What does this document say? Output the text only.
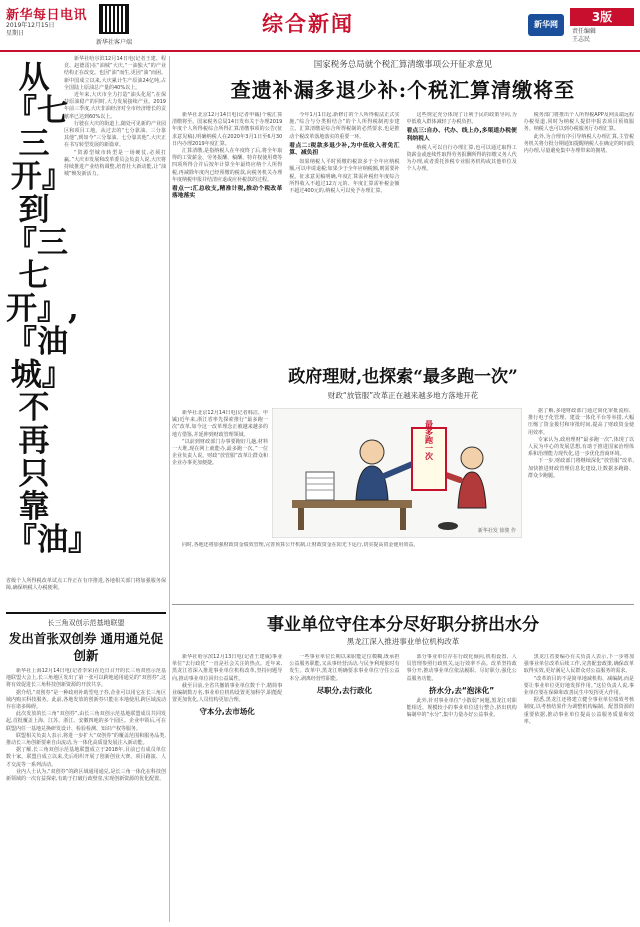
新华每日电讯
2019年12月15日
星期日
新华社客户端
综合新闻	新华网
3版
责任编辑
王志民
从『七三开』到『三七开』,『油城』不再只靠『油』

新华社哈尔滨12月14日电(记者王建、程竞、赵德雷)在“油城”大庆,“一油独大”的产业结构正在改变。也因“油”而生,更因“油”而困。新中国成立以来,大庆累计生产原油24亿吨,占全国陆上原油总产量的40%以上。

近年来,大庆市全力打造“油头化尾”,在保持原油稳产的同时,大力发展接续产业。2019年前三季度,大庆非油经济对全市经济增长的贡献率已达到60%以上。

行驶在大庆的街道上,随处可见新的产业园区和项目工地。从过去的“七分靠油、三分靠其他”,到如今“三分靠油、七分靠其他”,大庆正在书写转型发展的新篇章。

“资源型城市转型是一场硬仗,必须打赢。”大庆市发展和改革委员会负责人说,大庆将持续推进产业结构调整,培育壮大新动能,让“油城”焕发新活力。

省级个人所得税改革试点工作正在有序推进,各地相关部门将加强服务保障,确保纳税人办税便利。

长三角双创示范基地联盟
发出首张双创券 通用通兑促创新

新华社上海12月14日电(记者李荣)在近日召开的长三角双创示范基地联盟大会上,长三角地区发出了第一张可以跨地通用通兑的“双创券”,这将有效促进长三角科技创新资源的开放共享。

据介绍,“双创券”是一种政府补助型电子券,企业可以用它在长三角区域内购买科技服务。此前,各地发放的创新券只能在本地使用,跨区域流动存在诸多障碍。

此次发放的长三角“双创券”,由长三角双创示范基地联盟成员共同发起,首批覆盖上海、江苏、浙江、安徽四地的多个园区。企业申领后,可在联盟内任一基地兑换研发设计、检验检测、知识产权等服务。

联盟相关负责人表示,将进一步扩大“双创券”的覆盖范围和服务品类,推动长三角创新要素自由流动,为一体化高质量发展注入新动能。

据了解,长三角双创示范基地联盟成立于2018年,目前已有成员单位数十家。联盟自成立以来,先后组织开展了创新创业大赛、项目路演、人才交流等一系列活动。

业内人士认为,“双创券”的跨区域通用通兑,是长三角一体化在科技创新领域的一次有益探索,有助于打破行政壁垒,实现创新资源的优化配置。

国家税务总局就个税汇算清缴事项公开征求意见
查遗补漏多退少补:个税汇算清缴将至

新华社北京12月14日电(记者申铖)个税汇算清缴将至。国家税务总局14日发布关于办理2019年度个人所得税综合所得汇算清缴事项的公告(征求意见稿),明确纳税人在2020年3月1日至6月30日内办理2019年度汇算。

汇算清缴,是指纳税人在年度终了后,将全年取得的工资薪金、劳务报酬、稿酬、特许权使用费等四项所得合并后按年计算全年最终应纳个人所得税,再减除年度内已经预缴的税款,向税务机关办理年度纳税申报并结清应退或应补税款的过程。

看点一:汇总收支,精准计税,推动个税改革落地落实

今年1月1日起,新修订的个人所得税法正式实施,“综合与分类相结合”的个人所得税制初步建立。汇算清缴是综合所得税制的必然要求,也是推动个税改革落地落实的重要一环。

看点二:税款多退少补,为中低收入者免汇算、减负担

如果纳税人平时预缴的税款多于全年应纳税额,可以申请退税;如果少于全年应纳税额,则需要补税。征求意见稿明确,年度汇算需补税但年度综合所得收入不超过12万元的、年度汇算需补税金额不超过400元的,纳税人可以免予办理汇算。

这些规定充分体现了让利于民的政策导向,为中低收入群体减轻了办税负担。

看点三:自办、代办、线上办,多渠道办税便利纳税人

纳税人可以自行办理汇算,也可以通过取得工资薪金或连续性取得劳务报酬所得的扣缴义务人代为办理,或者委托涉税专业服务机构或其他单位及个人办理。

税务部门将推出个人所得税APP及网页端远程办税渠道,同时为纳税人提供申报表项目预填服务。纳税人也可以到办税服务厅办理汇算。

此外,为合理有序引导纳税人办理汇算,主管税务机关将分批分期通知提醒纳税人在确定的时间段内办理,尽量避免集中办理带来的拥堵。

政府理财,也探索“最多跑一次”
财政“放管服”改革正在越来越多地方落地开花

新华社北京12月14日电(记者韩洁、申铖)近年来,浙江省率先探索推行“最多跑一次”改革,如今这一改革理念正被越来越多的地方借鉴,并延伸到财政管理领域。

“以前到财政部门办事要跑好几趟,材料一大堆,现在网上就能办,最多跑一次。”一位企业负责人说。财政“放管服”改革让群众和企业办事更加便捷。

最多跑一次
新华社发 徐骏 作

据了解,多地财政部门通过简化审批流程、推行电子化管理、建设一体化平台等举措,大幅压缩了资金拨付和审批时间,提高了财政资金使用效率。

专家认为,政府理财“最多跑一次”,体现了以人民为中心的发展思想,有助于推进国家治理体系和治理能力现代化,进一步优化营商环境。

下一步,财政部门将继续深化“放管服”改革,加快推进财政管理信息化建设,让数据多跑路、群众少跑腿。

同时,各地还将加强财政资金绩效管理,完善预算公开机制,让财政资金在阳光下运行,切实提高资金使用效益。

事业单位守住本分尽好职分挤出水分
黑龙江深入推进事业单位机构改革

新华社哈尔滨12月13日电(记者王建威)事业单位“去行政化”一直是社会关注的热点。近年来,黑龙江省深入推进事业单位机构改革,坚持问题导向,推动事业单位回归公益属性。

截至目前,全省共撤销事业单位数千个,精简事业编制数万名,事业单位机构设置更加科学,职能配置更加优化,人员结构更加合理。

守本分,去市场化

一些事业单位长期以来职能定位模糊,既承担公益服务职能,又从事经营活动,与民争利现象时有发生。改革中,黑龙江明确要求事业单位守住公益本分,剥离经营性职能。

尽职分,去行政化

部分事业单位存在行政化倾向,机构设置、人员管理参照行政机关,运行效率不高。改革坚持政事分开,推动事业单位依法履职、尽好职分,强化公益服务功能。

挤水分,去“泡沫化”

此外,针对事业单位“小散弱”问题,黑龙江对职能相近、规模较小的事业单位进行整合,挤出机构编制中的“水分”,集中力量办好公益事业。

黑龙江省委编办有关负责人表示,下一步将加强事业单位改革后续工作,完善配套政策,确保改革取得实效,更好满足人民群众对公益服务的需求。

“改革的目的不是简单地减机构、减编制,而是要让事业单位更好地发挥作用。”这位负责人说,事业单位要在保障和改善民生中发挥更大作用。

据悉,黑龙江还将建立健全事业单位绩效考核制度,以考核结果作为调整机构编制、配置资源的重要依据,推动事业单位提高公益服务质量和效率。
